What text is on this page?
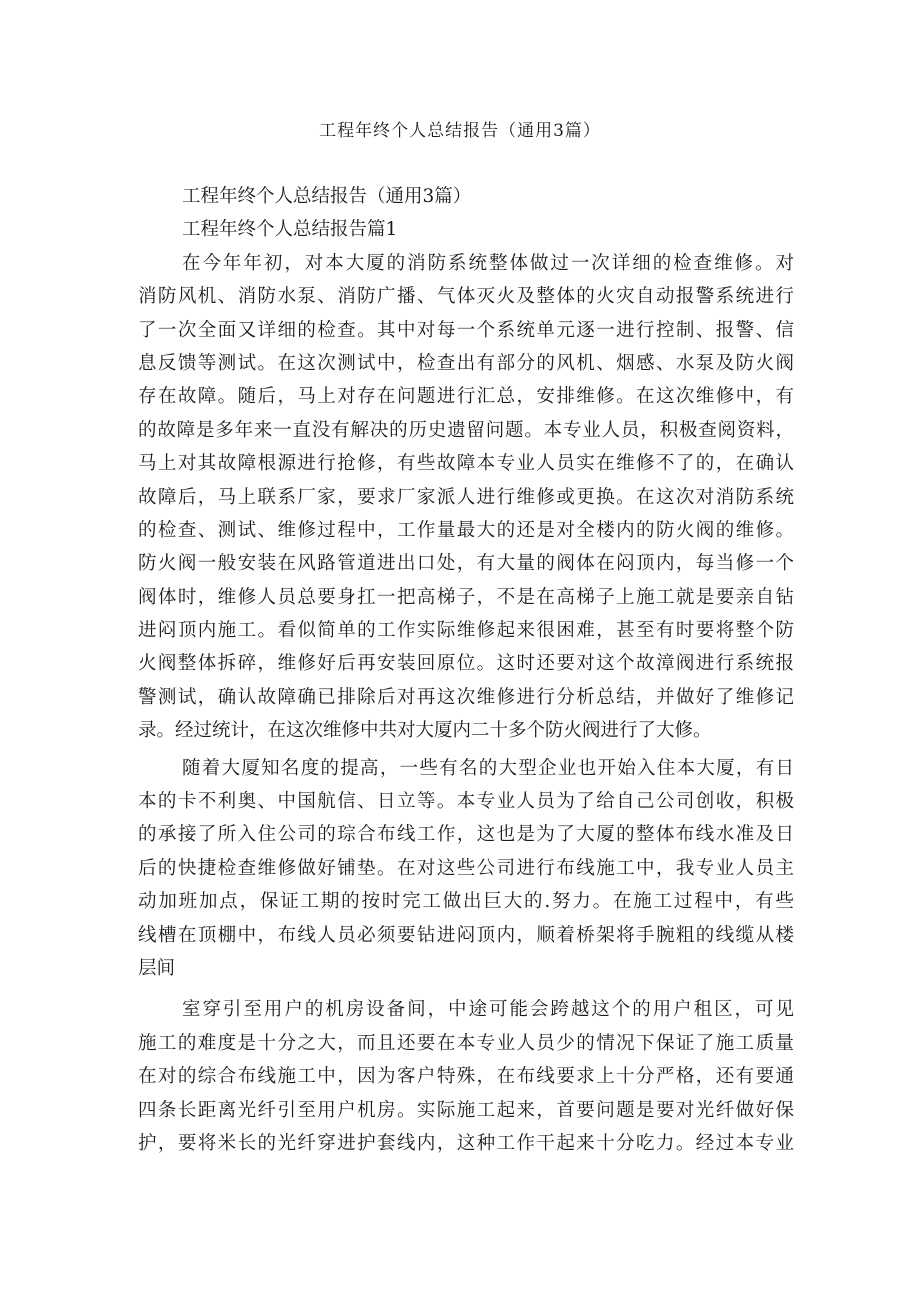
工程年终个人总结报告（通用3篇）
工程年终个人总结报告（通用3篇）
工程年终个人总结报告篇1
在今年年初，对本大厦的消防系统整体做过一次详细的检查维修。对
消防风机、消防水泵、消防广播、气体灭火及整体的火灾自动报警系统进行
了一次全面又详细的检查。其中对每一个系统单元逐一进行控制、报警、信
息反馈等测试。在这次测试中，检查出有部分的风机、烟感、水泵及防火阀
存在故障。随后，马上对存在问题进行汇总，安排维修。在这次维修中，有
的故障是多年来一直没有解决的历史遗留问题。本专业人员，积极查阅资料，
马上对其故障根源进行抢修，有些故障本专业人员实在维修不了的，在确认
故障后，马上联系厂家，要求厂家派人进行维修或更换。在这次对消防系统
的检查、测试、维修过程中，工作量最大的还是对全楼内的防火阀的维修。
防火阀一般安装在风路管道进出口处，有大量的阀体在闷顶内，每当修一个
阀体时，维修人员总要身扛一把高梯子，不是在高梯子上施工就是要亲自钻
进闷顶内施工。看似简单的工作实际维修起来很困难，甚至有时要将整个防
火阀整体拆碎，维修好后再安装回原位。这时还要对这个故漳阀进行系统报
警测试，确认故障确已排除后对再这次维修进行分析总结，并做好了维修记
录。经过统计，在这次维修中共对大厦内二十多个防火阀进行了大修。
随着大厦知名度的提高，一些有名的大型企业也开始入住本大厦，有日
本的卡不利奥、中国航信、日立等。本专业人员为了给自己公司创收，积极
的承接了所入住公司的琮合布线工作，这也是为了大厦的整体布线水准及日
后的快捷检查维修做好铺垫。在对这些公司进行布线施工中，我专业人员主
动加班加点，保证工期的按时完工做出巨大的.努力。在施工过程中，有些
线槽在顶棚中，布线人员必须要钻进闷顶内，顺着桥架将手腕粗的线缆从楼
层间
室穿引至用户的机房设备间，中途可能会跨越这个的用户租区，可见
施工的难度是十分之大，而且还要在本专业人员少的情况下保证了施工质量
在对的综合布线施工中，因为客户特殊，在布线要求上十分严格，还有要通
四条长距离光纤引至用户机房。实际施工起来，首要问题是要对光纤做好保
护，要将米长的光纤穿进护套线内，这种工作干起来十分吃力。经过本专业
